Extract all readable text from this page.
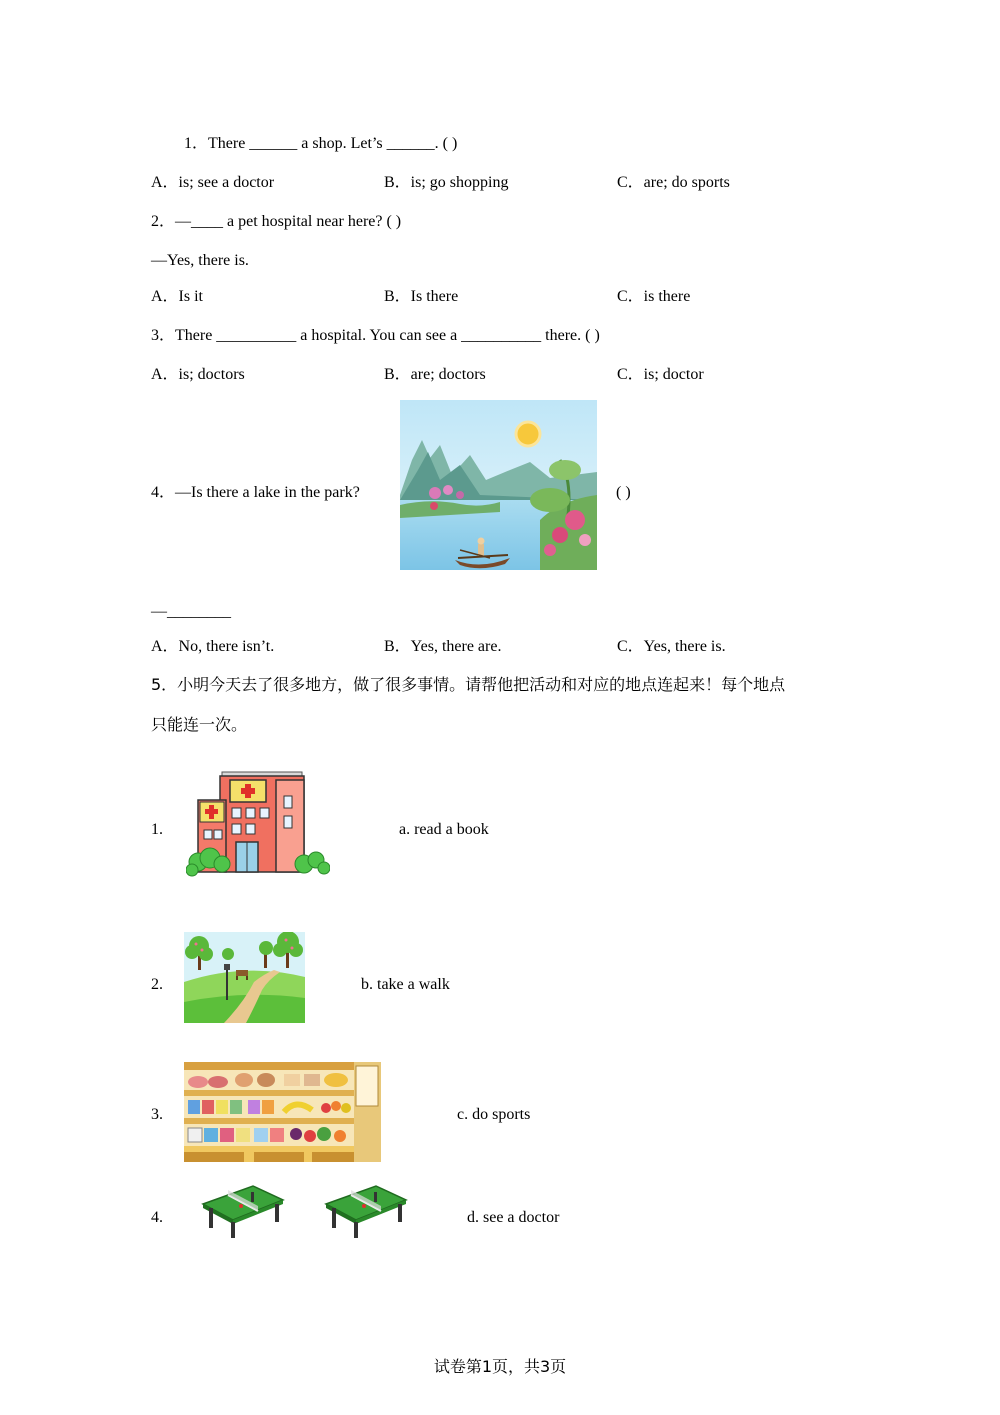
1．There ______ a shop. Let’s ______. ( )
A．is; see a doctor	B．is; go shopping	C．are; do sports
2．—____ a pet hospital near here? ( )
—Yes, there is.
A．Is it	B．Is there	C．is there
3．There __________ a hospital. You can see a __________ there. ( )
A．is; doctors	B．are; doctors	C．is; doctor
4．—Is there a lake in the park?	( )
—________
A．No, there isn’t.	B．Yes, there are.	C．Yes, there is.
5．小明今天去了很多地方，做了很多事情。请帮他把活动和对应的地点连起来！每个地点
只能连一次。
1.	a. read a book
2.	b. take a walk
3.	c. do sports
4.	d. see a doctor
试卷第1页，共3页
